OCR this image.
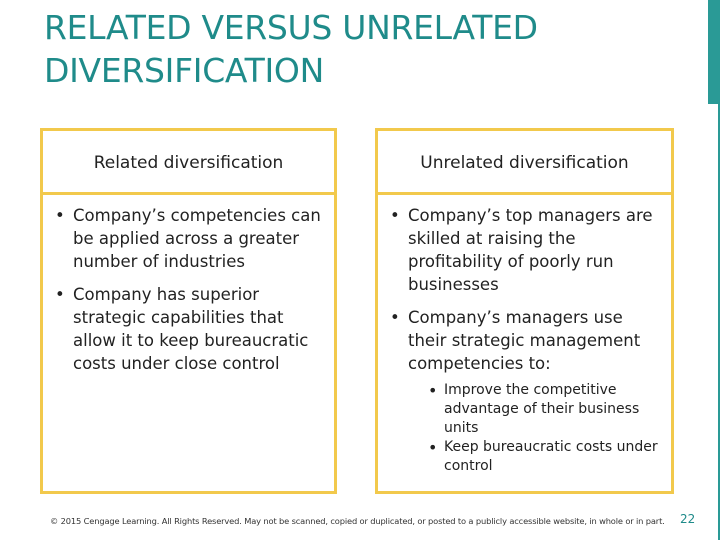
RELATED VERSUS UNRELATED DIVERSIFICATION
Related diversification
• Company’s competencies can be applied across a greater number of industries
• Company has superior strategic capabilities that allow it to keep bureaucratic costs under close control
Unrelated diversification
• Company’s top managers are skilled at raising the profitability of poorly run businesses
• Company’s managers use their strategic management competencies to:
• Improve the competitive advantage of their business units
• Keep bureaucratic costs under control
© 2015 Cengage Learning. All Rights Reserved. May not be scanned, copied or duplicated, or posted to a publicly accessible website, in whole or in part. 22
